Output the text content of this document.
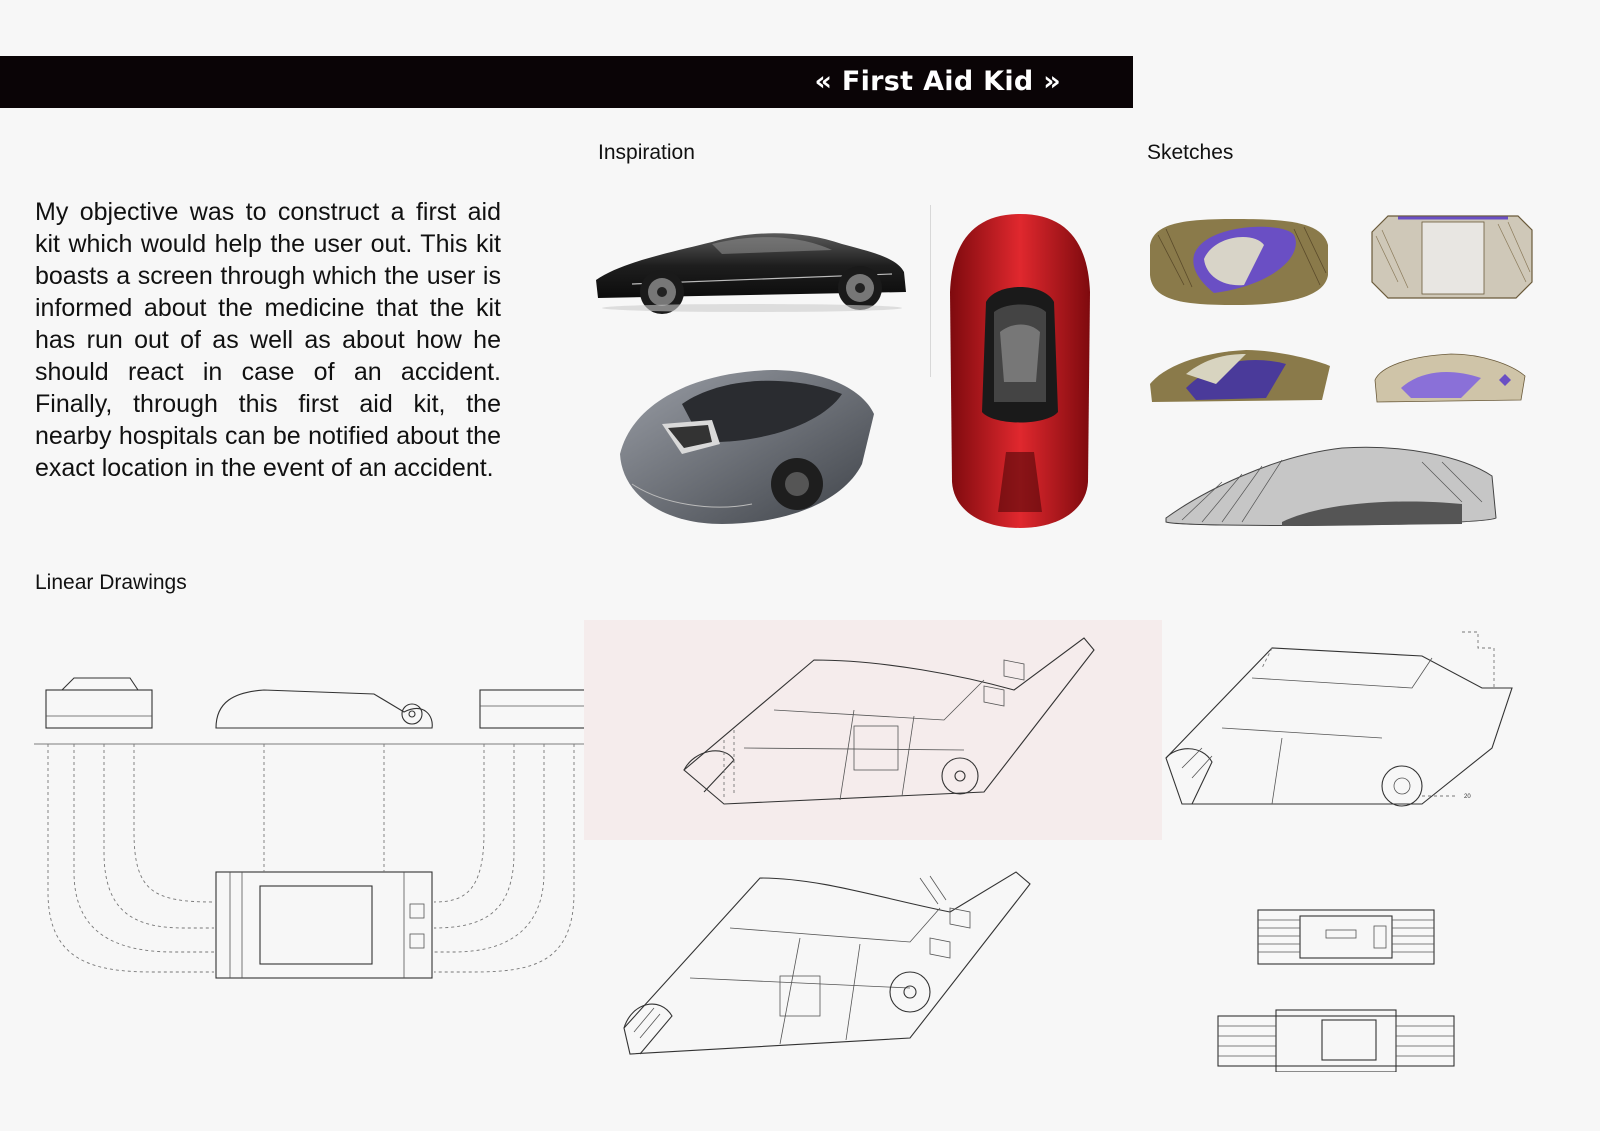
« First Aid Kid »
Inspiration	Sketches
Linear Drawings
My objective was to construct a first aid kit which would help the user out. This kit boasts a screen through which the user is informed about the medicine that the kit has run out of as well as about how he should react in case of an accident. Finally, through this first aid kit, the nearby hospitals can be notified about the exact location in the event of an accident.
20
